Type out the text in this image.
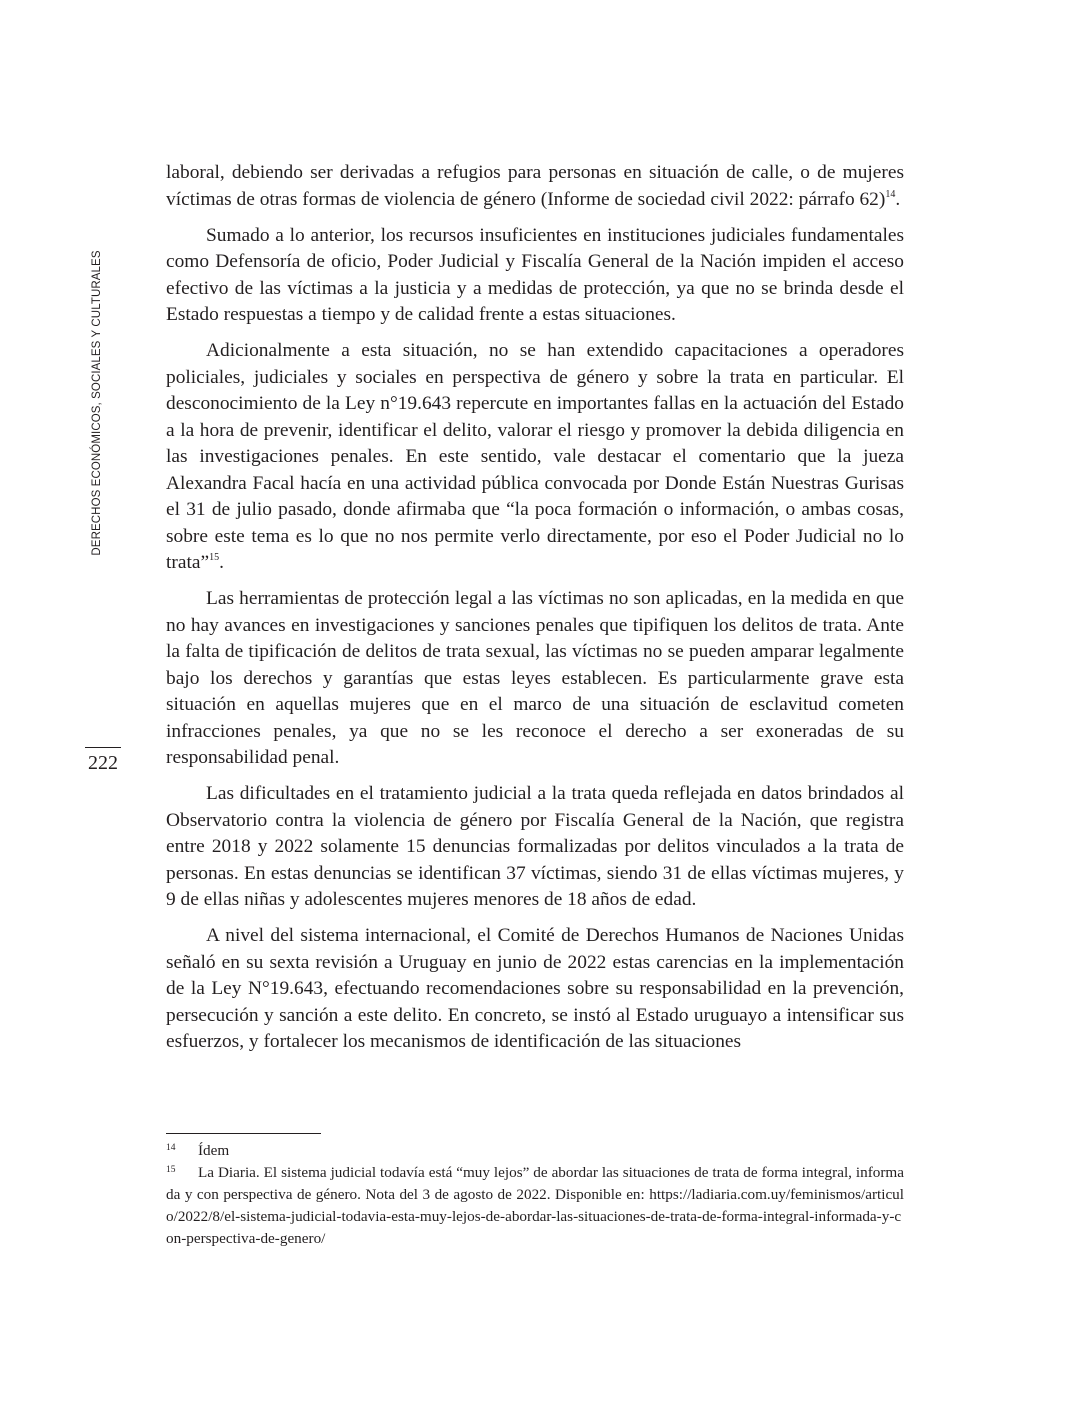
DERECHOS ECONÓMICOS, SOCIALES Y CULTURALES
222

laboral, debiendo ser derivadas a refugios para personas en situación de calle, o de mujeres víctimas de otras formas de violencia de género (Informe de sociedad civil 2022: párrafo 62)$^{14}$.

Sumado a lo anterior, los recursos insuficientes en instituciones judiciales fundamentales como Defensoría de oficio, Poder Judicial y Fiscalía General de la Nación impiden el acceso efectivo de las víctimas a la justicia y a medidas de protección, ya que no se brinda desde el Estado respuestas a tiempo y de calidad frente a estas situaciones.

Adicionalmente a esta situación, no se han extendido capacitaciones a operadores policiales, judiciales y sociales en perspectiva de género y sobre la trata en particular. El desconocimiento de la Ley n°19.643 repercute en importantes fallas en la actuación del Estado a la hora de prevenir, identificar el delito, valorar el riesgo y promover la debida diligencia en las investigaciones penales. En este sentido, vale destacar el comentario que la jueza Alexandra Facal hacía en una actividad pública convocada por Donde Están Nuestras Gurisas el 31 de julio pasado, donde afirmaba que “la poca formación o información, o ambas cosas, sobre este tema es lo que no nos permite verlo directamente, por eso el Poder Judicial no lo trata”$^{15}$.

Las herramientas de protección legal a las víctimas no son aplicadas, en la medida en que no hay avances en investigaciones y sanciones penales que tipifiquen los delitos de trata. Ante la falta de tipificación de delitos de trata sexual, las víctimas no se pueden amparar legalmente bajo los derechos y garantías que estas leyes establecen. Es particularmente grave esta situación en aquellas mujeres que en el marco de una situación de esclavitud cometen infracciones penales, ya que no se les reconoce el derecho a ser exoneradas de su responsabilidad penal.

Las dificultades en el tratamiento judicial a la trata queda reflejada en datos brindados al Observatorio contra la violencia de género por Fiscalía General de la Nación, que registra entre 2018 y 2022 solamente 15 denuncias formalizadas por delitos vinculados a la trata de personas. En estas denuncias se identifican 37 víctimas, siendo 31 de ellas víctimas mujeres, y 9 de ellas niñas y adolescentes mujeres menores de 18 años de edad.

A nivel del sistema internacional, el Comité de Derechos Humanos de Naciones Unidas señaló en su sexta revisión a Uruguay en junio de 2022 estas carencias en la implementación de la Ley N°19.643, efectuando recomendaciones sobre su responsabilidad en la prevención, persecución y sanción a este delito. En concreto, se instó al Estado uruguayo a intensificar sus esfuerzos, y fortalecer los mecanismos de identificación de las situaciones

14 Ídem

15 La Diaria. El sistema judicial todavía está “muy lejos” de abordar las situaciones de trata de forma integral, informada y con perspectiva de género. Nota del 3 de agosto de 2022. Disponible en: https://ladiaria.com.uy/feminismos/articulo/2022/8/el-sistema-judicial-todavia-esta-muy-lejos-de-abordar-las-situaciones-de-trata-de-forma-integral-informada-y-con-perspectiva-de-genero/
